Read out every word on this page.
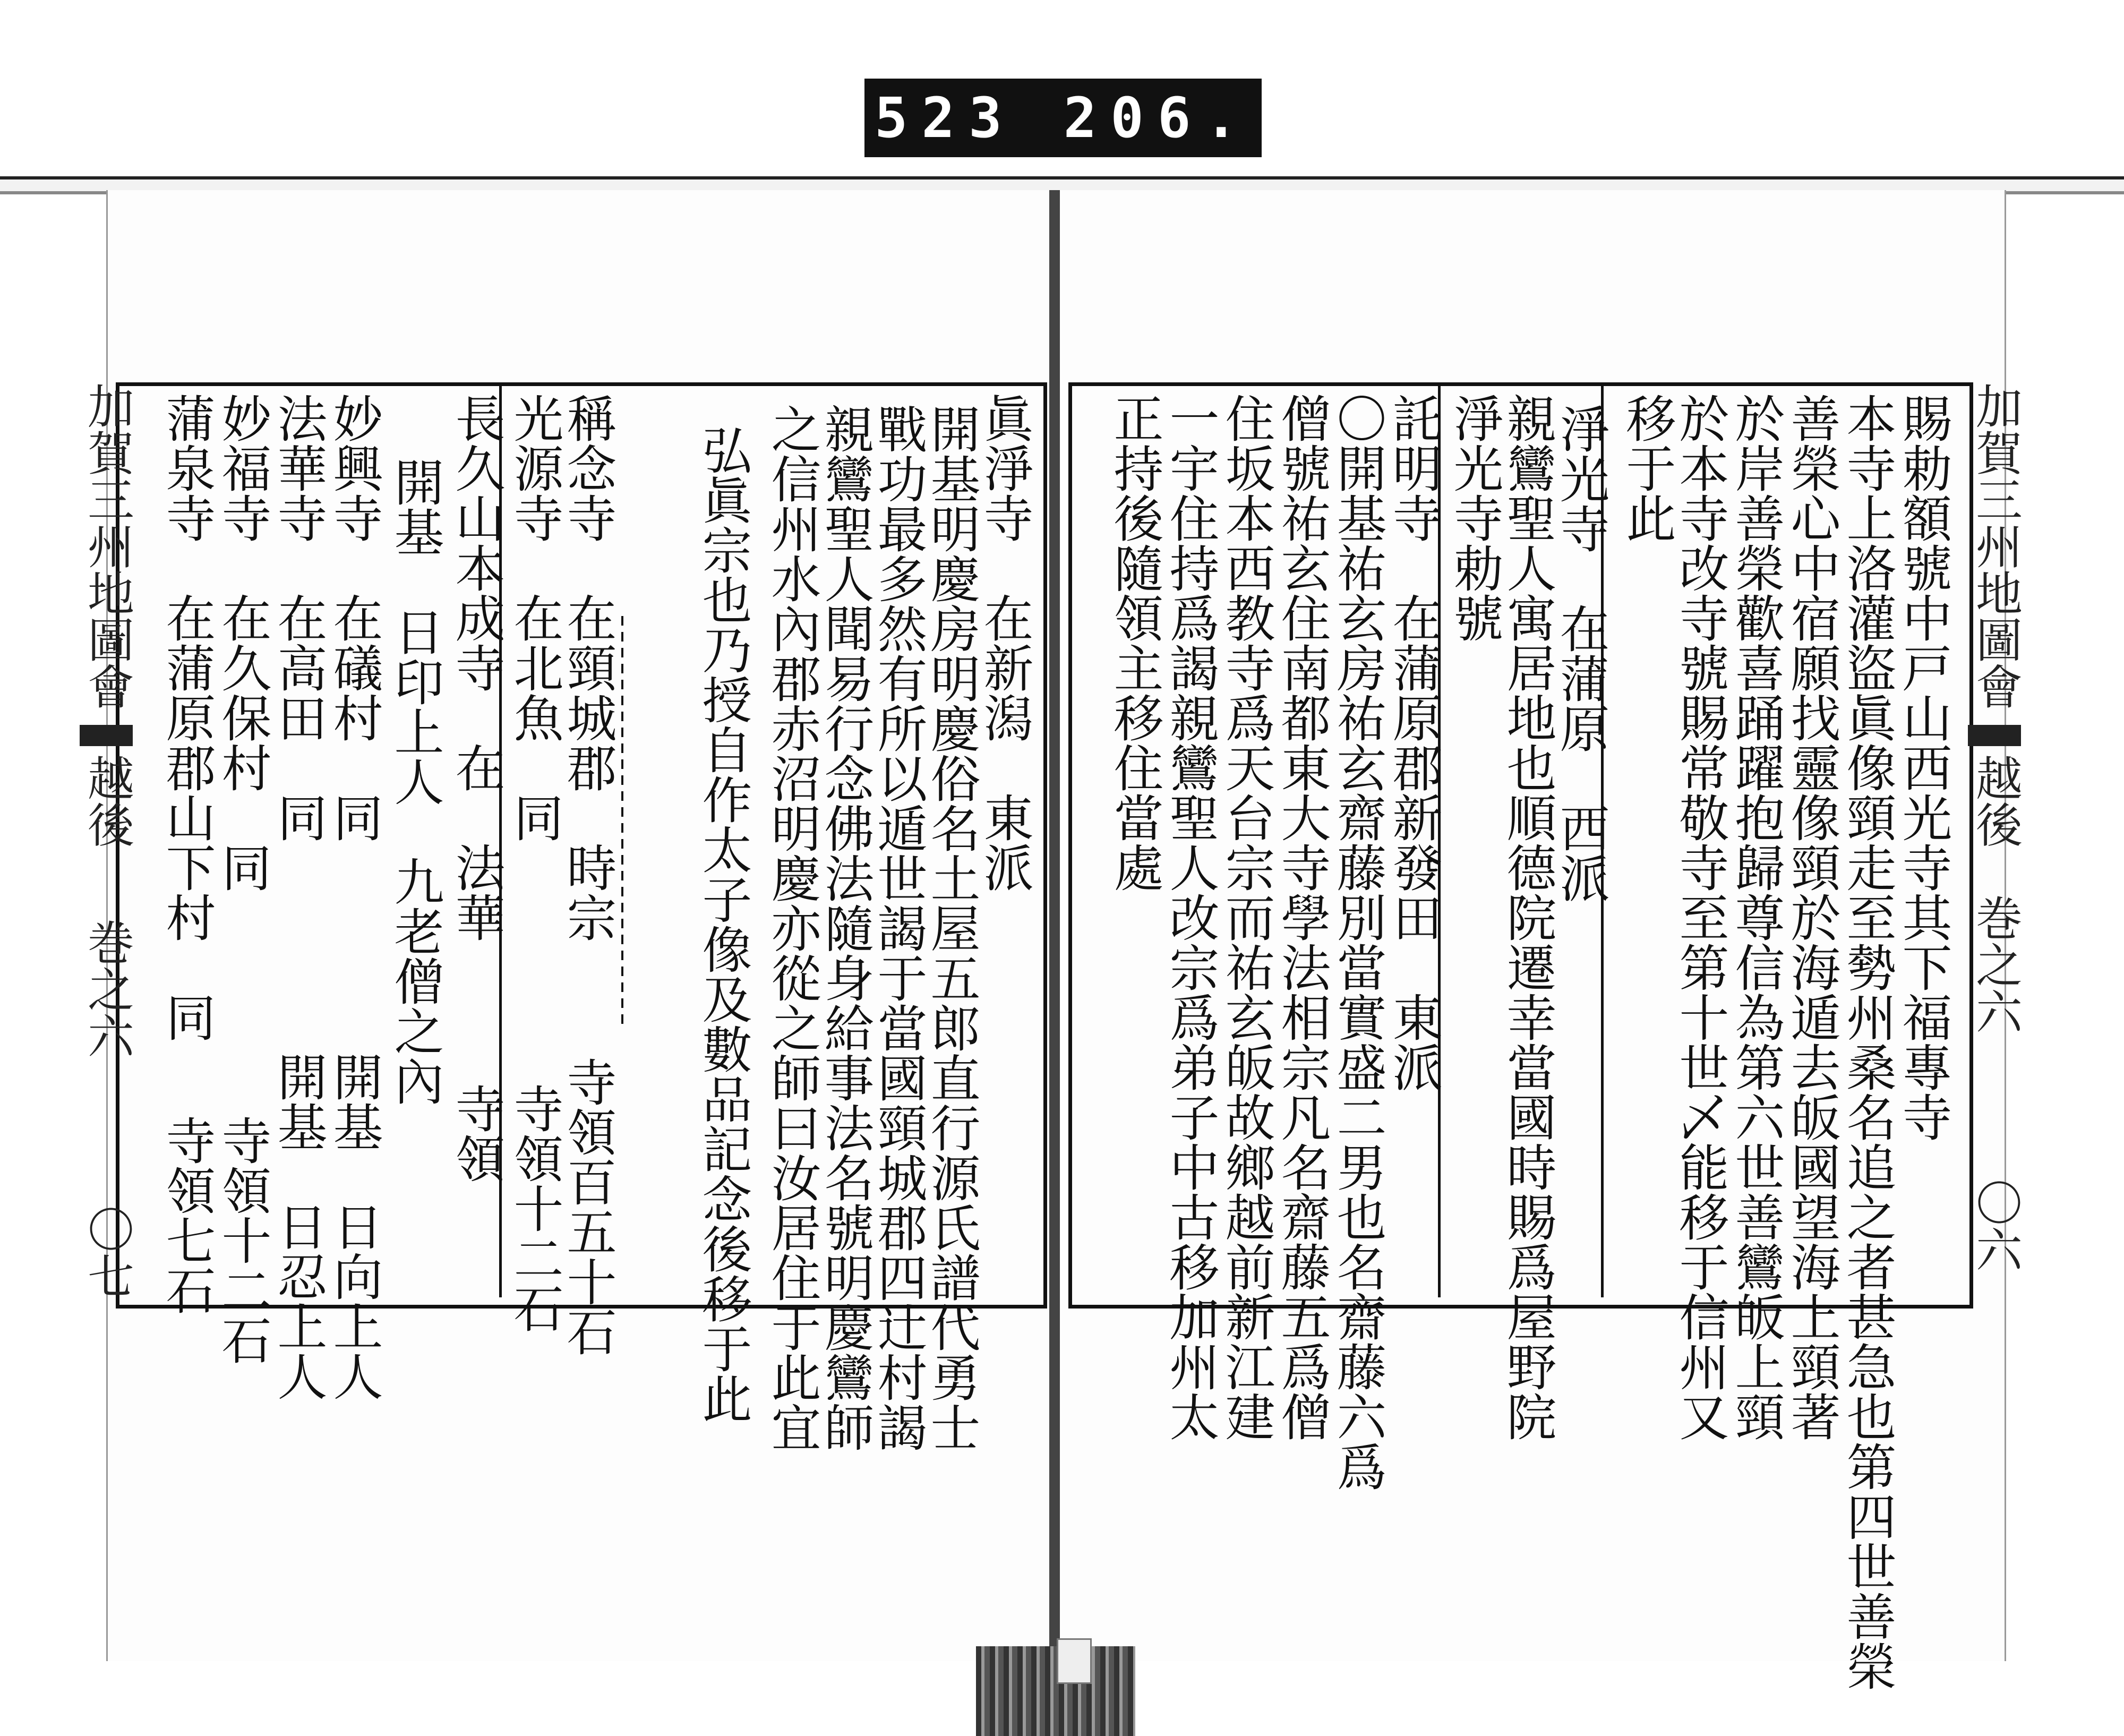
523 206.
加賀三州地圖會
越後
巻之六
〇七
眞淨寺　在新潟　東派
開基明慶房明慶俗名土屋五郎直行源氏譜代勇士
戰功最多然有所以遁世謁于當國頸城郡四辻村謁
親鸞聖人聞易行念佛法隨身給事法名號明慶鸞師
之信州水內郡赤沼明慶亦從之師曰汝居住于此宜
弘眞宗也乃授自作太子像及數品記念後移于此
稱念寺　在頸城郡　時宗
寺領百五十石
光源寺　在北魚　同
寺領十二石
長久山本成寺　在　法華
寺領
開基　日印上人　九老僧之內
妙興寺　在礒村　同
開基　日向上人
法華寺　在高田　同
開基　日忍上人
妙福寺　在久保村　同
寺領十二石
蒲泉寺　在蒲原郡山下村　同
寺領七石
加賀三州地圖會
越後　巻之六
〇六
賜勅額號中戸山西光寺其下福專寺
本寺上洛灌盜眞像頸走至勢州桑名追之者甚急也第四世善榮
善榮心中宿願找靈像頸於海遁去皈國望海上頸著
於岸善榮歡喜踊躍抱歸尊信為第六世善鸞皈上頸
於本寺改寺號賜常敬寺至第十世乄能移于信州又
移于此
淨光寺　在蒲原　西派
親鸞聖人寓居地也順德院遷幸當國時賜爲屋野院
淨光寺勅號
託明寺　在蒲原郡新發田　東派
〇開基祐玄房祐玄齋藤別當實盛二男也名齋藤六爲
僧號祐玄住南都東大寺學法相宗凡名齋藤五爲僧
住坂本西教寺爲天台宗而祐玄皈故鄉越前新江建
一宇住持爲謁親鸞聖人改宗爲弟子中古移加州太
正持後隨領主移住當處
